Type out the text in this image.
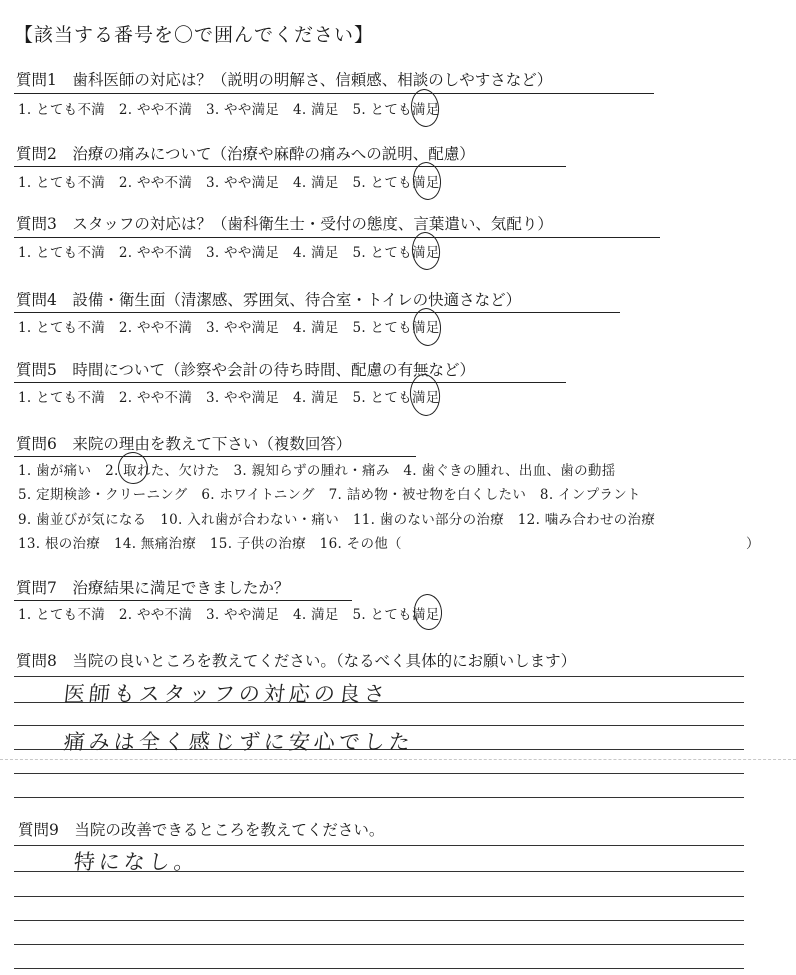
【該当する番号を〇で囲んでください】
質問1　歯科医師の対応は？（説明の明解さ、信頼感、相談のしやすさなど）
1. とても不満　2. やや不満　3. やや満足　4. 満足　5. とても満足
質問2　治療の痛みについて（治療や麻酔の痛みへの説明、配慮）
1. とても不満　2. やや不満　3. やや満足　4. 満足　5. とても満足
質問3　スタッフの対応は？（歯科衛生士・受付の態度、言葉遣い、気配り）
1. とても不満　2. やや不満　3. やや満足　4. 満足　5. とても満足
質問4　設備・衛生面（清潔感、雰囲気、待合室・トイレの快適さなど）
1. とても不満　2. やや不満　3. やや満足　4. 満足　5. とても満足
質問5　時間について（診察や会計の待ち時間、配慮の有無など）
1. とても不満　2. やや不満　3. やや満足　4. 満足　5. とても満足
質問6　来院の理由を教えて下さい（複数回答）
1. 歯が痛い　2. 取れた、欠けた　3. 親知らずの腫れ・痛み　4. 歯ぐきの腫れ、出血、歯の動揺
5. 定期検診・クリーニング　6. ホワイトニング　7. 詰め物・被せ物を白くしたい　8. インプラント
9. 歯並びが気になる　10. 入れ歯が合わない・痛い　11. 歯のない部分の治療　12. 噛み合わせの治療
13. 根の治療　14. 無痛治療　15. 子供の治療　16. その他（	）
質問7　治療結果に満足できましたか？
1. とても不満　2. やや不満　3. やや満足　4. 満足　5. とても満足
質問8　当院の良いところを教えてください。（なるべく具体的にお願いします）
医師もスタッフの対応の良さ
痛みは全く感じずに安心でした
質問9　当院の改善できるところを教えてください。
特になし。
